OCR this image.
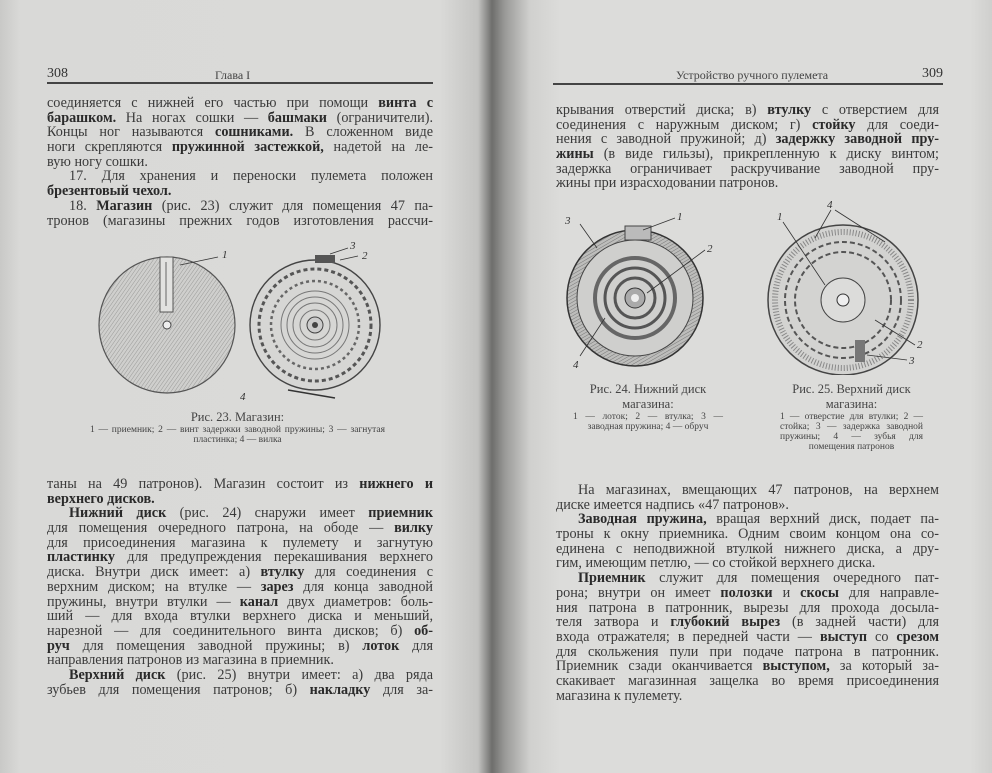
308	Глава I
соединяется с нижней его частью при помощи винта с
барашком. На ногах сошки — башмаки (ограничители).
Концы ног называются сошниками. В сложенном виде
ноги скрепляются пружинной застежкой, надетой на ле-
вую ногу сошки.
17. Для хранения и переноски пулемета положен
брезентовый чехол.
18. Магазин (рис. 23) служит для помещения 47 па-
тронов (магазины прежних годов изготовления рассчи-
1	2
3
4
Рис. 23. Магазин:
1 — приемник; 2 — винт задержки заводной пружины; 3 — загнутая пластинка; 4 — вилка
таны на 49 патронов). Магазин состоит из нижнего и
верхнего дисков.
Нижний диск (рис. 24) снаружи имеет приемник
для помещения очередного патрона, на ободе — вилку
для присоединения магазина к пулемету и загнутую
пластинку для предупреждения перекашивания верхнего
диска. Внутри диск имеет: а) втулку для соединения с
верхним диском; на втулке — зарез для конца заводной
пружины, внутри втулки — канал двух диаметров: боль-
ший — для входа втулки верхнего диска и меньший,
нарезной — для соединительного винта дисков; б) об-
руч для помещения заводной пружины; в) лоток для
направления патронов из магазина в приемник.
Верхний диск (рис. 25) внутри имеет: а) два ряда
зубьев для помещения патронов; б) накладку для за-
Устройство ручного пулемета	309
крывания отверстий диска; в) втулку с отверстием для
соединения с наружным диском; г) стойку для соеди-
нения с заводной пружиной; д) задержку заводной пру-
жины (в виде гильзы), прикрепленную к диску винтом;
задержка ограничивает раскручивание заводной пру-
жины при израсходовании патронов.
3	1
2
4
1
4
2
3
Рис. 24. Нижний диск магазина:
1 — лоток; 2 — втулка; 3 — заводная пружина; 4 — обруч
Рис. 25. Верхний диск магазина:
1 — отверстие для втулки; 2 — стойка; 3 — задержка заводной пружины; 4 — зубья для помещения патронов
На магазинах, вмещающих 47 патронов, на верхнем
диске имеется надпись «47 патронов».
Заводная пружина, вращая верхний диск, подает па-
троны к окну приемника. Одним своим концом она со-
единена с неподвижной втулкой нижнего диска, а дру-
гим, имеющим петлю, — со стойкой верхнего диска.
Приемник служит для помещения очередного пат-
рона; внутри он имеет полозки и скосы для направле-
ния патрона в патронник, вырезы для прохода досыла-
теля затвора и глубокий вырез (в задней части) для
входа отражателя; в передней части — выступ со срезом
для скольжения пули при подаче патрона в патронник.
Приемник сзади оканчивается выступом, за который за-
скакивает магазинная защелка во время присоединения
магазина к пулемету.
